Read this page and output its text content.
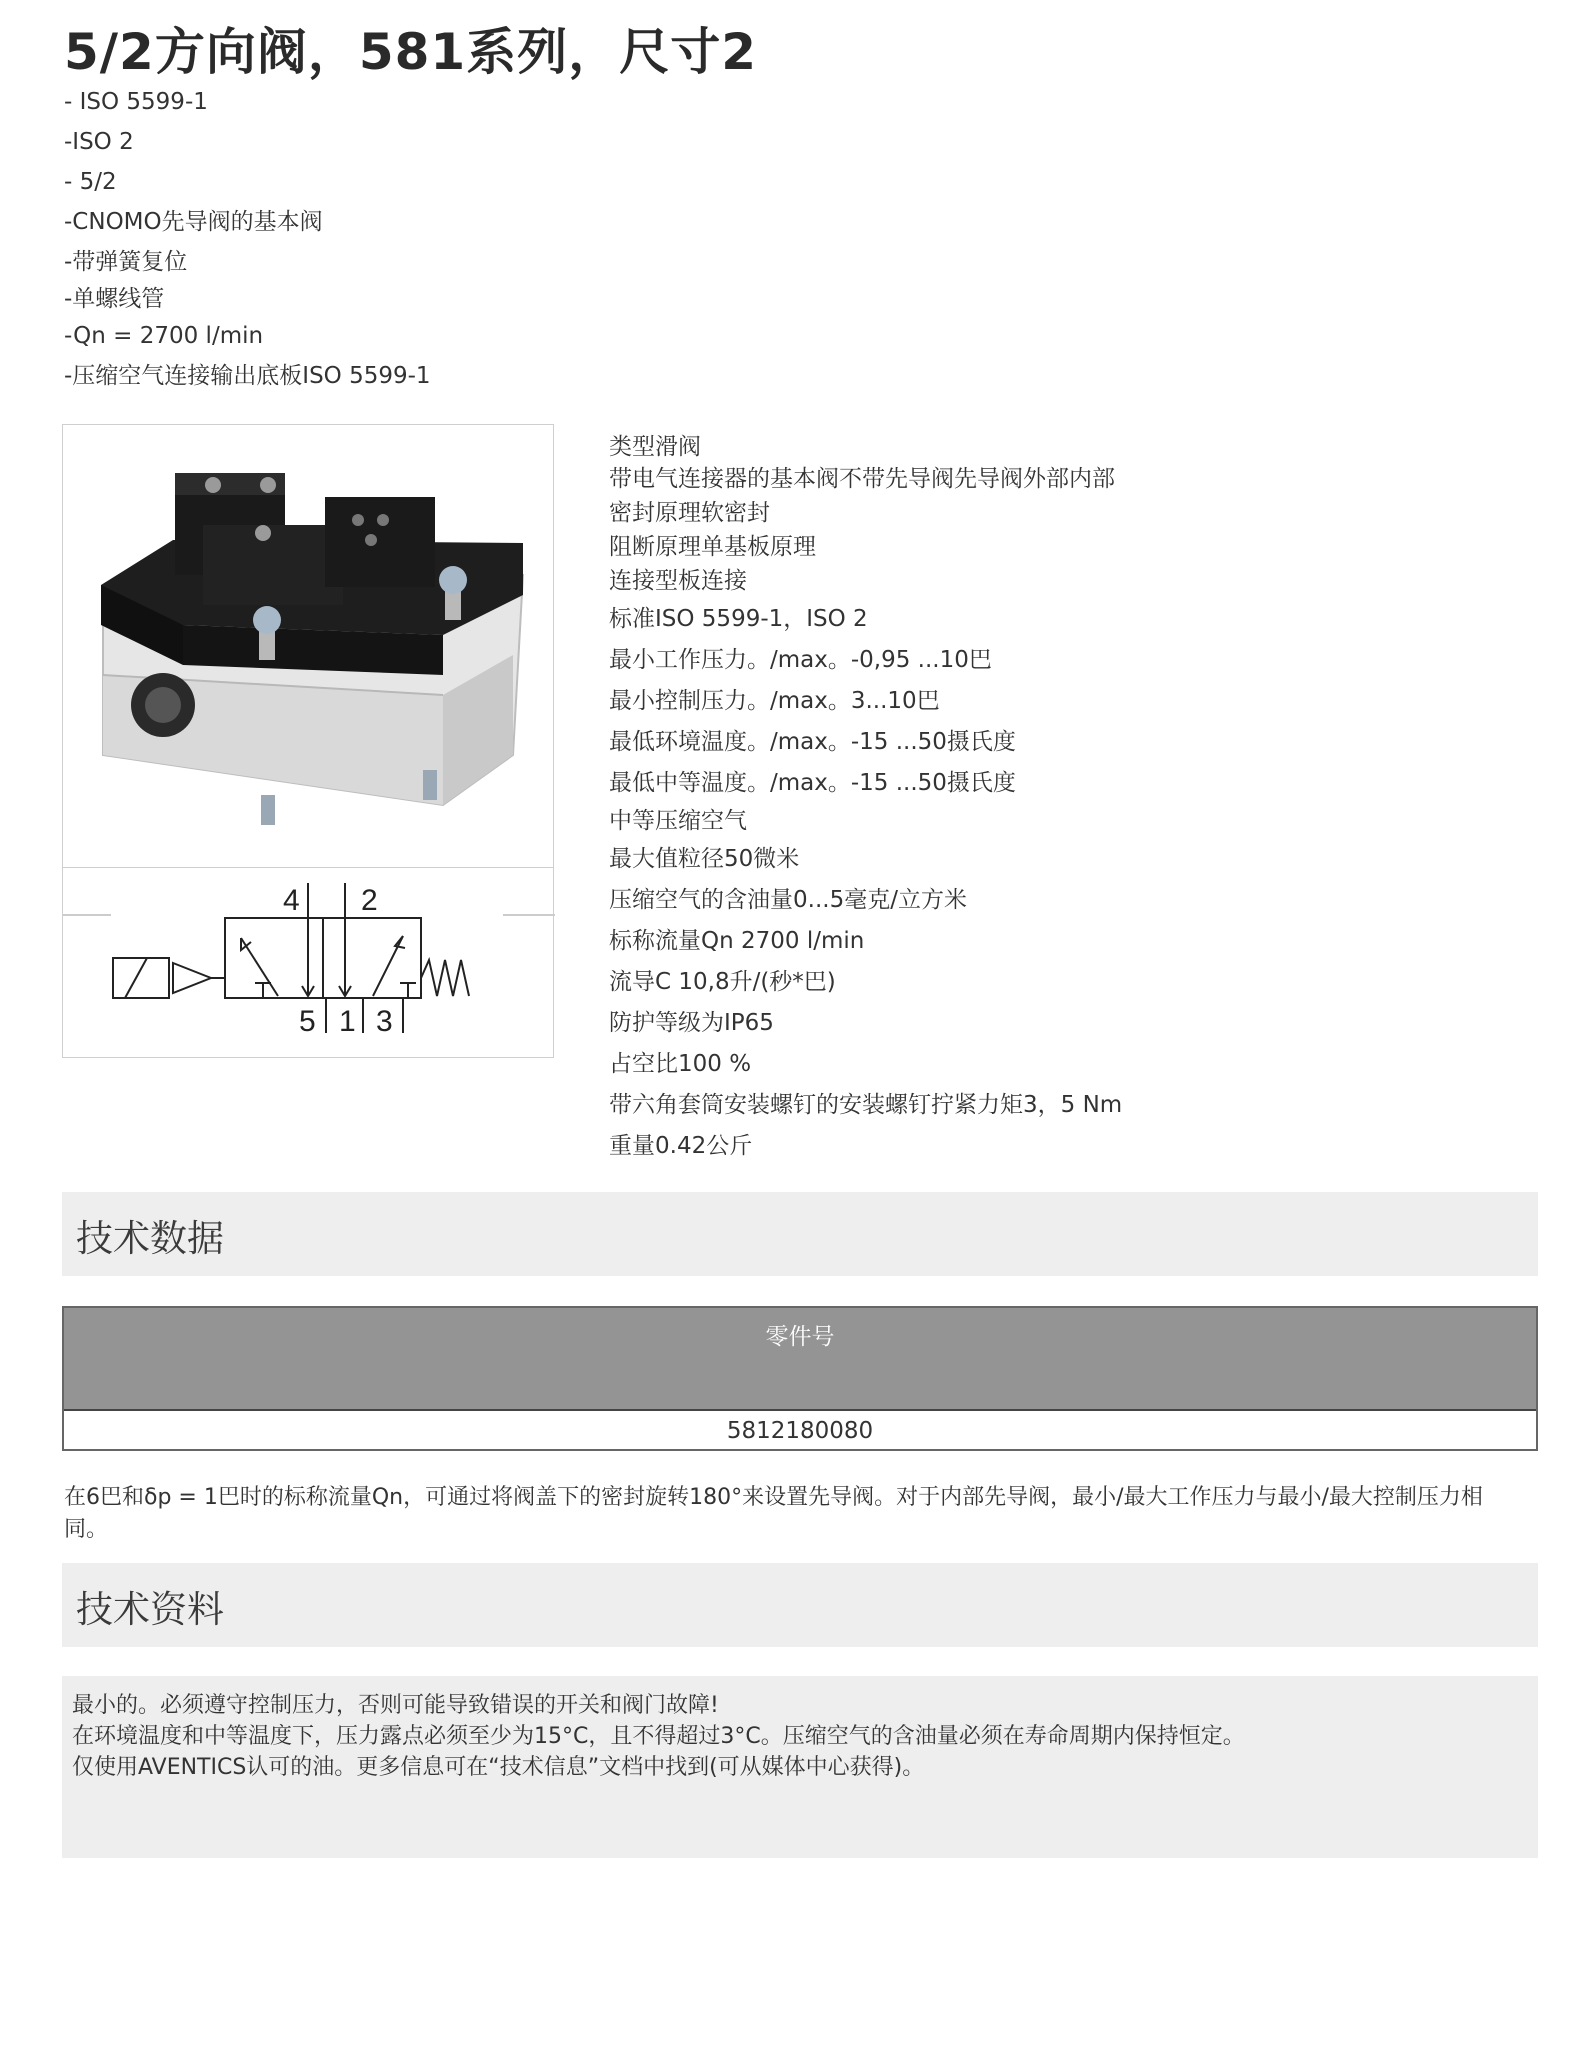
5/2方向阀，581系列，尺寸2
- ISO 5599-1
-ISO 2
- 5/2
-CNOMO先导阀的基本阀
-带弹簧复位
-单螺线管
-Qn = 2700 l/min
-压缩空气连接输出底板ISO 5599-1
4 2
5 1 3
类型滑阀
带电气连接器的基本阀不带先导阀先导阀外部内部
密封原理软密封
阻断原理单基板原理
连接型板连接
标准ISO 5599-1，ISO 2
最小工作压力。/max。-0,95 ...10巴
最小控制压力。/max。3...10巴
最低环境温度。/max。-15 ...50摄氏度
最低中等温度。/max。-15 ...50摄氏度
中等压缩空气
最大值粒径50微米
压缩空气的含油量0...5毫克/立方米
标称流量Qn 2700 l/min
流导C 10,8升/(秒*巴)
防护等级为IP65
占空比100 %
带六角套筒安装螺钉的安装螺钉拧紧力矩3，5 Nm
重量0.42公斤
技术数据
零件号
5812180080
在6巴和δp = 1巴时的标称流量Qn，可通过将阀盖下的密封旋转180°来设置先导阀。对于内部先导阀，最小/最大工作压力与最小/最大控制压力相同。
技术资料

最小的。必须遵守控制压力，否则可能导致错误的开关和阀门故障!

在环境温度和中等温度下，压力露点必须至少为15°C，且不得超过3°C。压缩空气的含油量必须在寿命周期内保持恒定。

仅使用AVENTICS认可的油。更多信息可在“技术信息”文档中找到(可从媒体中心获得)。
